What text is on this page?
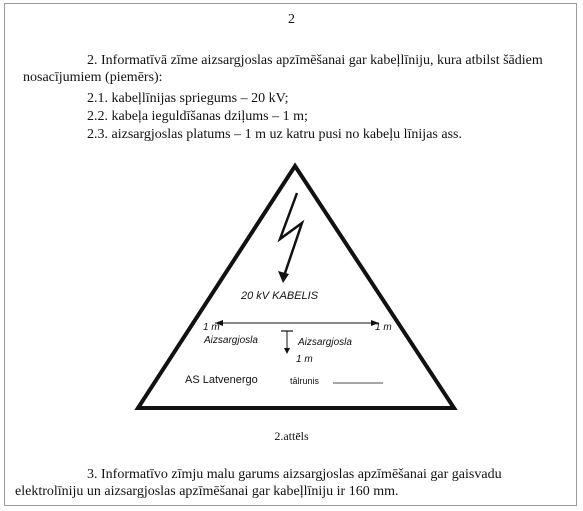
2
2. Informatīvā zīme aizsargjoslas apzīmēšanai gar kabeļlīniju, kura atbilst šādiem nosacījumiem (piemērs):
2.1. kabeļlīnijas spriegums – 20 kV;
2.2. kabeļa ieguldīšanas dziļums – 1 m;
2.3. aizsargjoslas platums – 1 m uz katru pusi no kabeļu līnijas ass.
20 kV KABELIS
1 m	1 m
Aizsargjosla	Aizsargjosla
1 m
AS Latvenergo	tālrunis
2.attēls
3. Informatīvo zīmju malu garums aizsargjoslas apzīmēšanai gar gaisvadu elektrolīniju un aizsargjoslas apzīmēšanai gar kabeļlīniju ir 160 mm.
